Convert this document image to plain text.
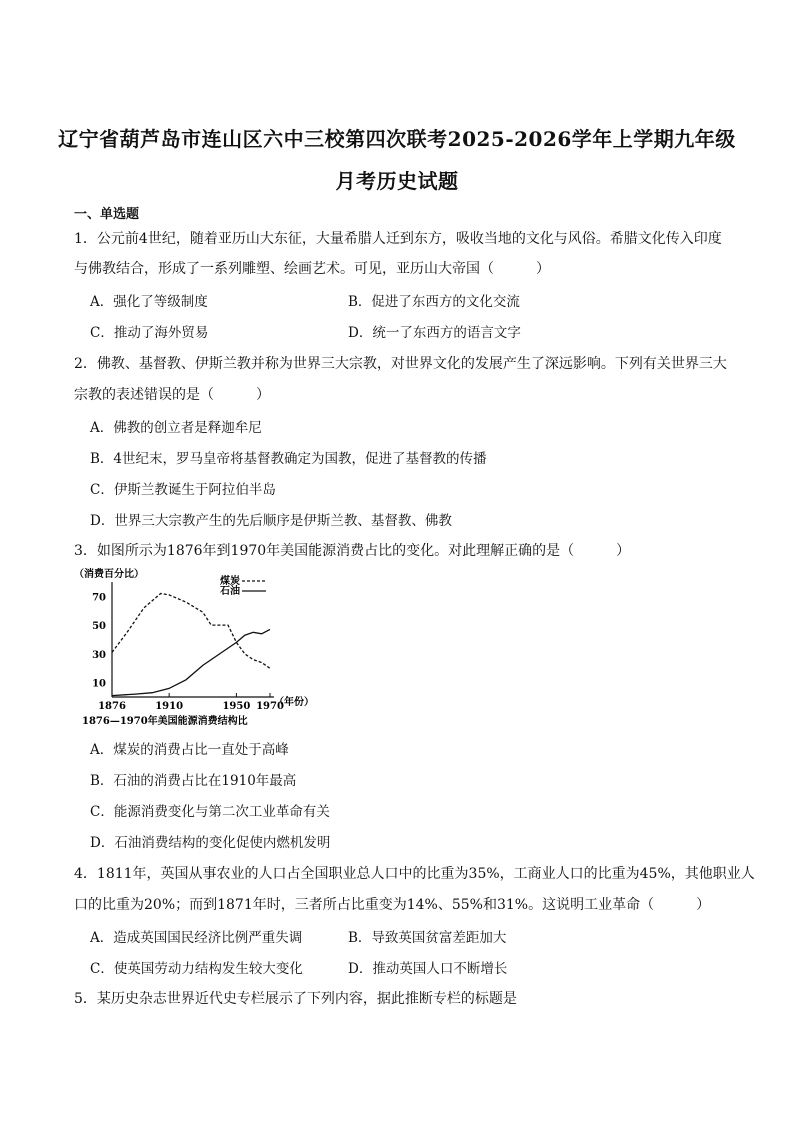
辽宁省葫芦岛市连山区六中三校第四次联考2025-2026学年上学期九年级
月考历史试题
一、单选题
1．公元前4世纪，随着亚历山大东征，大量希腊人迁到东方，吸收当地的文化与风俗。希腊文化传入印度
与佛教结合，形成了一系列雕塑、绘画艺术。可见，亚历山大帝国（　　　）
A．强化了等级制度	B．促进了东西方的文化交流
C．推动了海外贸易	D．统一了东西方的语言文字
2．佛教、基督教、伊斯兰教并称为世界三大宗教，对世界文化的发展产生了深远影响。下列有关世界三大
宗教的表述错误的是（　　　）
A．佛教的创立者是释迦牟尼
B．4世纪末，罗马皇帝将基督教确定为国教，促进了基督教的传播
C．伊斯兰教诞生于阿拉伯半岛
D．世界三大宗教产生的先后顺序是伊斯兰教、基督教、佛教
3．如图所示为1876年到1970年美国能源消费占比的变化。对此理解正确的是（　　　）
（消费百分比）
10
30
50
70
1876	1910	1950 1970
煤炭
石油
（年份）
1876—1970年美国能源消费结构比
A．煤炭的消费占比一直处于高峰
B．石油的消费占比在1910年最高
C．能源消费变化与第二次工业革命有关
D．石油消费结构的变化促使内燃机发明
4．1811年，英国从事农业的人口占全国职业总人口中的比重为35%，工商业人口的比重为45%，其他职业人
口的比重为20%；而到1871年时，三者所占比重变为14%、55%和31%。这说明工业革命（　　　）
A．造成英国国民经济比例严重失调	B．导致英国贫富差距加大
C．使英国劳动力结构发生较大变化	D．推动英国人口不断增长
5．某历史杂志世界近代史专栏展示了下列内容，据此推断专栏的标题是
